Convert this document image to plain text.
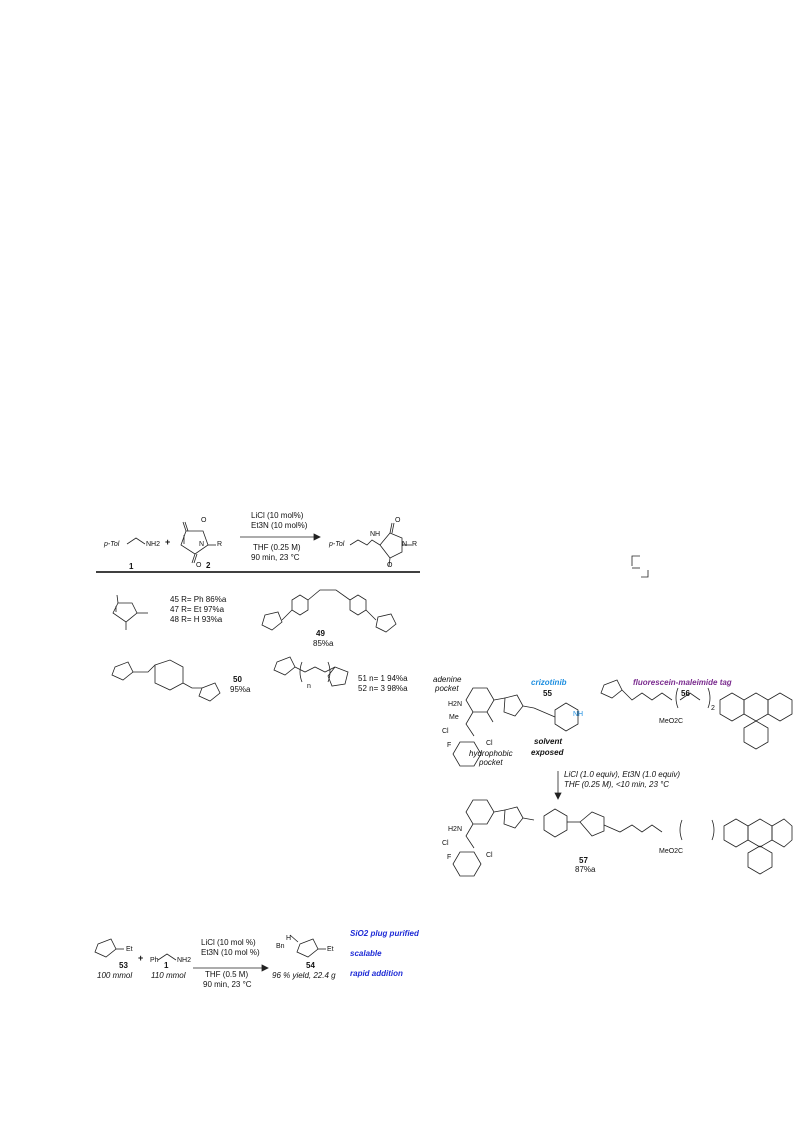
p-Tol	NH2
1
+
O
N R
O 2
LiCl (10 mol%)
Et3N (10 mol%)
THF (0.25 M)
90 min, 23 °C
p-Tol
NH
O
N R
O
45 R= Ph 86%a
47 R= Et 97%a
48 R= H 93%a
49
85%a
50
95%a	n
51 n= 1 94%a
52 n= 3 98%a
adenine
pocket
crizotinib
55
fluorescein-maleimide tag
56
H2N
Me
Cl
Cl
F
NH
hydrophobic
pocket
solvent
exposed
MeO2C
2
LiCl (1.0 equiv), Et3N (1.0 equiv)
THF (0.25 M), <10 min, 23 °C
H2N
Cl
Cl
F
MeO2C
57
87%a
Et
53
100 mmol
+ Ph	NH2
1
110 mmol
LiCl (10 mol %)
Et3N (10 mol %)
THF (0.5 M)
90 min, 23 °C
H
Bn	Et
54
96 % yield, 22.4 g
SiO2 plug purified
scalable
rapid addition
